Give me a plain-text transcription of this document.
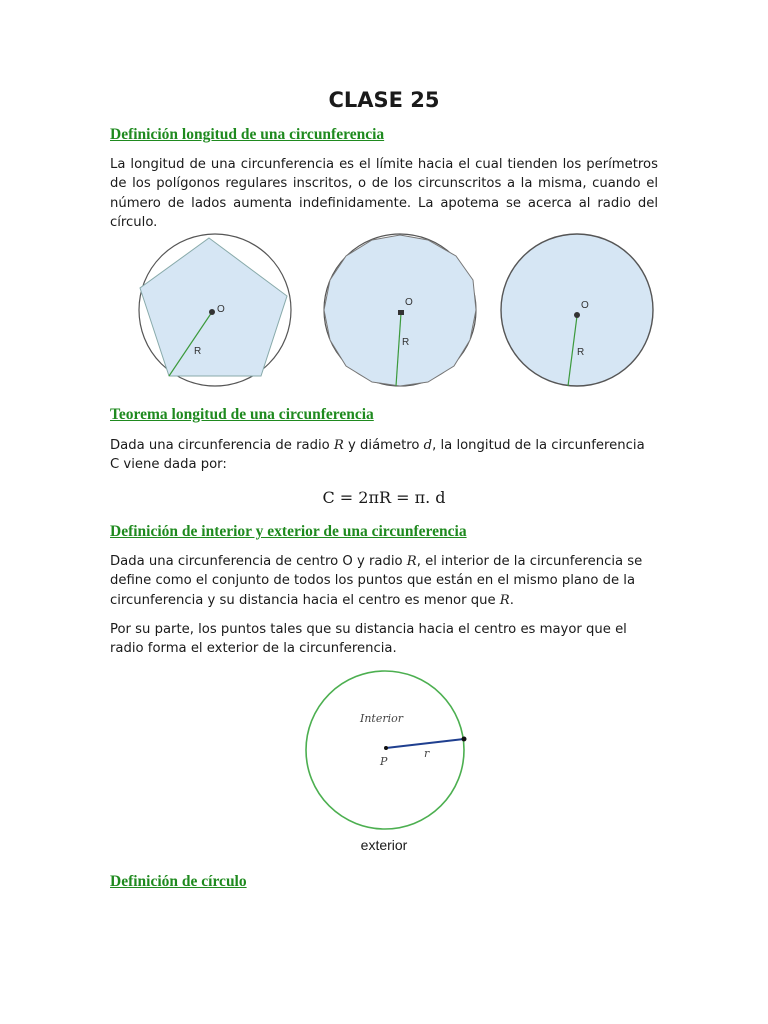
CLASE 25
Definición longitud de una circunferencia

La longitud de una circunferencia es el límite hacia el cual tienden los perímetros de los polígonos regulares inscritos, o de los circunscritos a la misma, cuando el número de lados aumenta indefinidamente. La apotema se acerca al radio del círculo.

O
R
O
R
O
R
Teorema longitud de una circunferencia

Dada una circunferencia de radio R y diámetro d, la longitud de la circunferencia C viene dada por:

C = 2πR = π. d

Definición de interior y exterior de una circunferencia

Dada una circunferencia de centro O y radio R, el interior de la circunferencia se define como el conjunto de todos los puntos que están en el mismo plano de la circunferencia y su distancia hacia el centro es menor que R.

Por su parte, los puntos tales que su distancia hacia el centro es mayor que el radio forma el exterior de la circunferencia.

Interior
P
r

exterior

Definición de círculo
